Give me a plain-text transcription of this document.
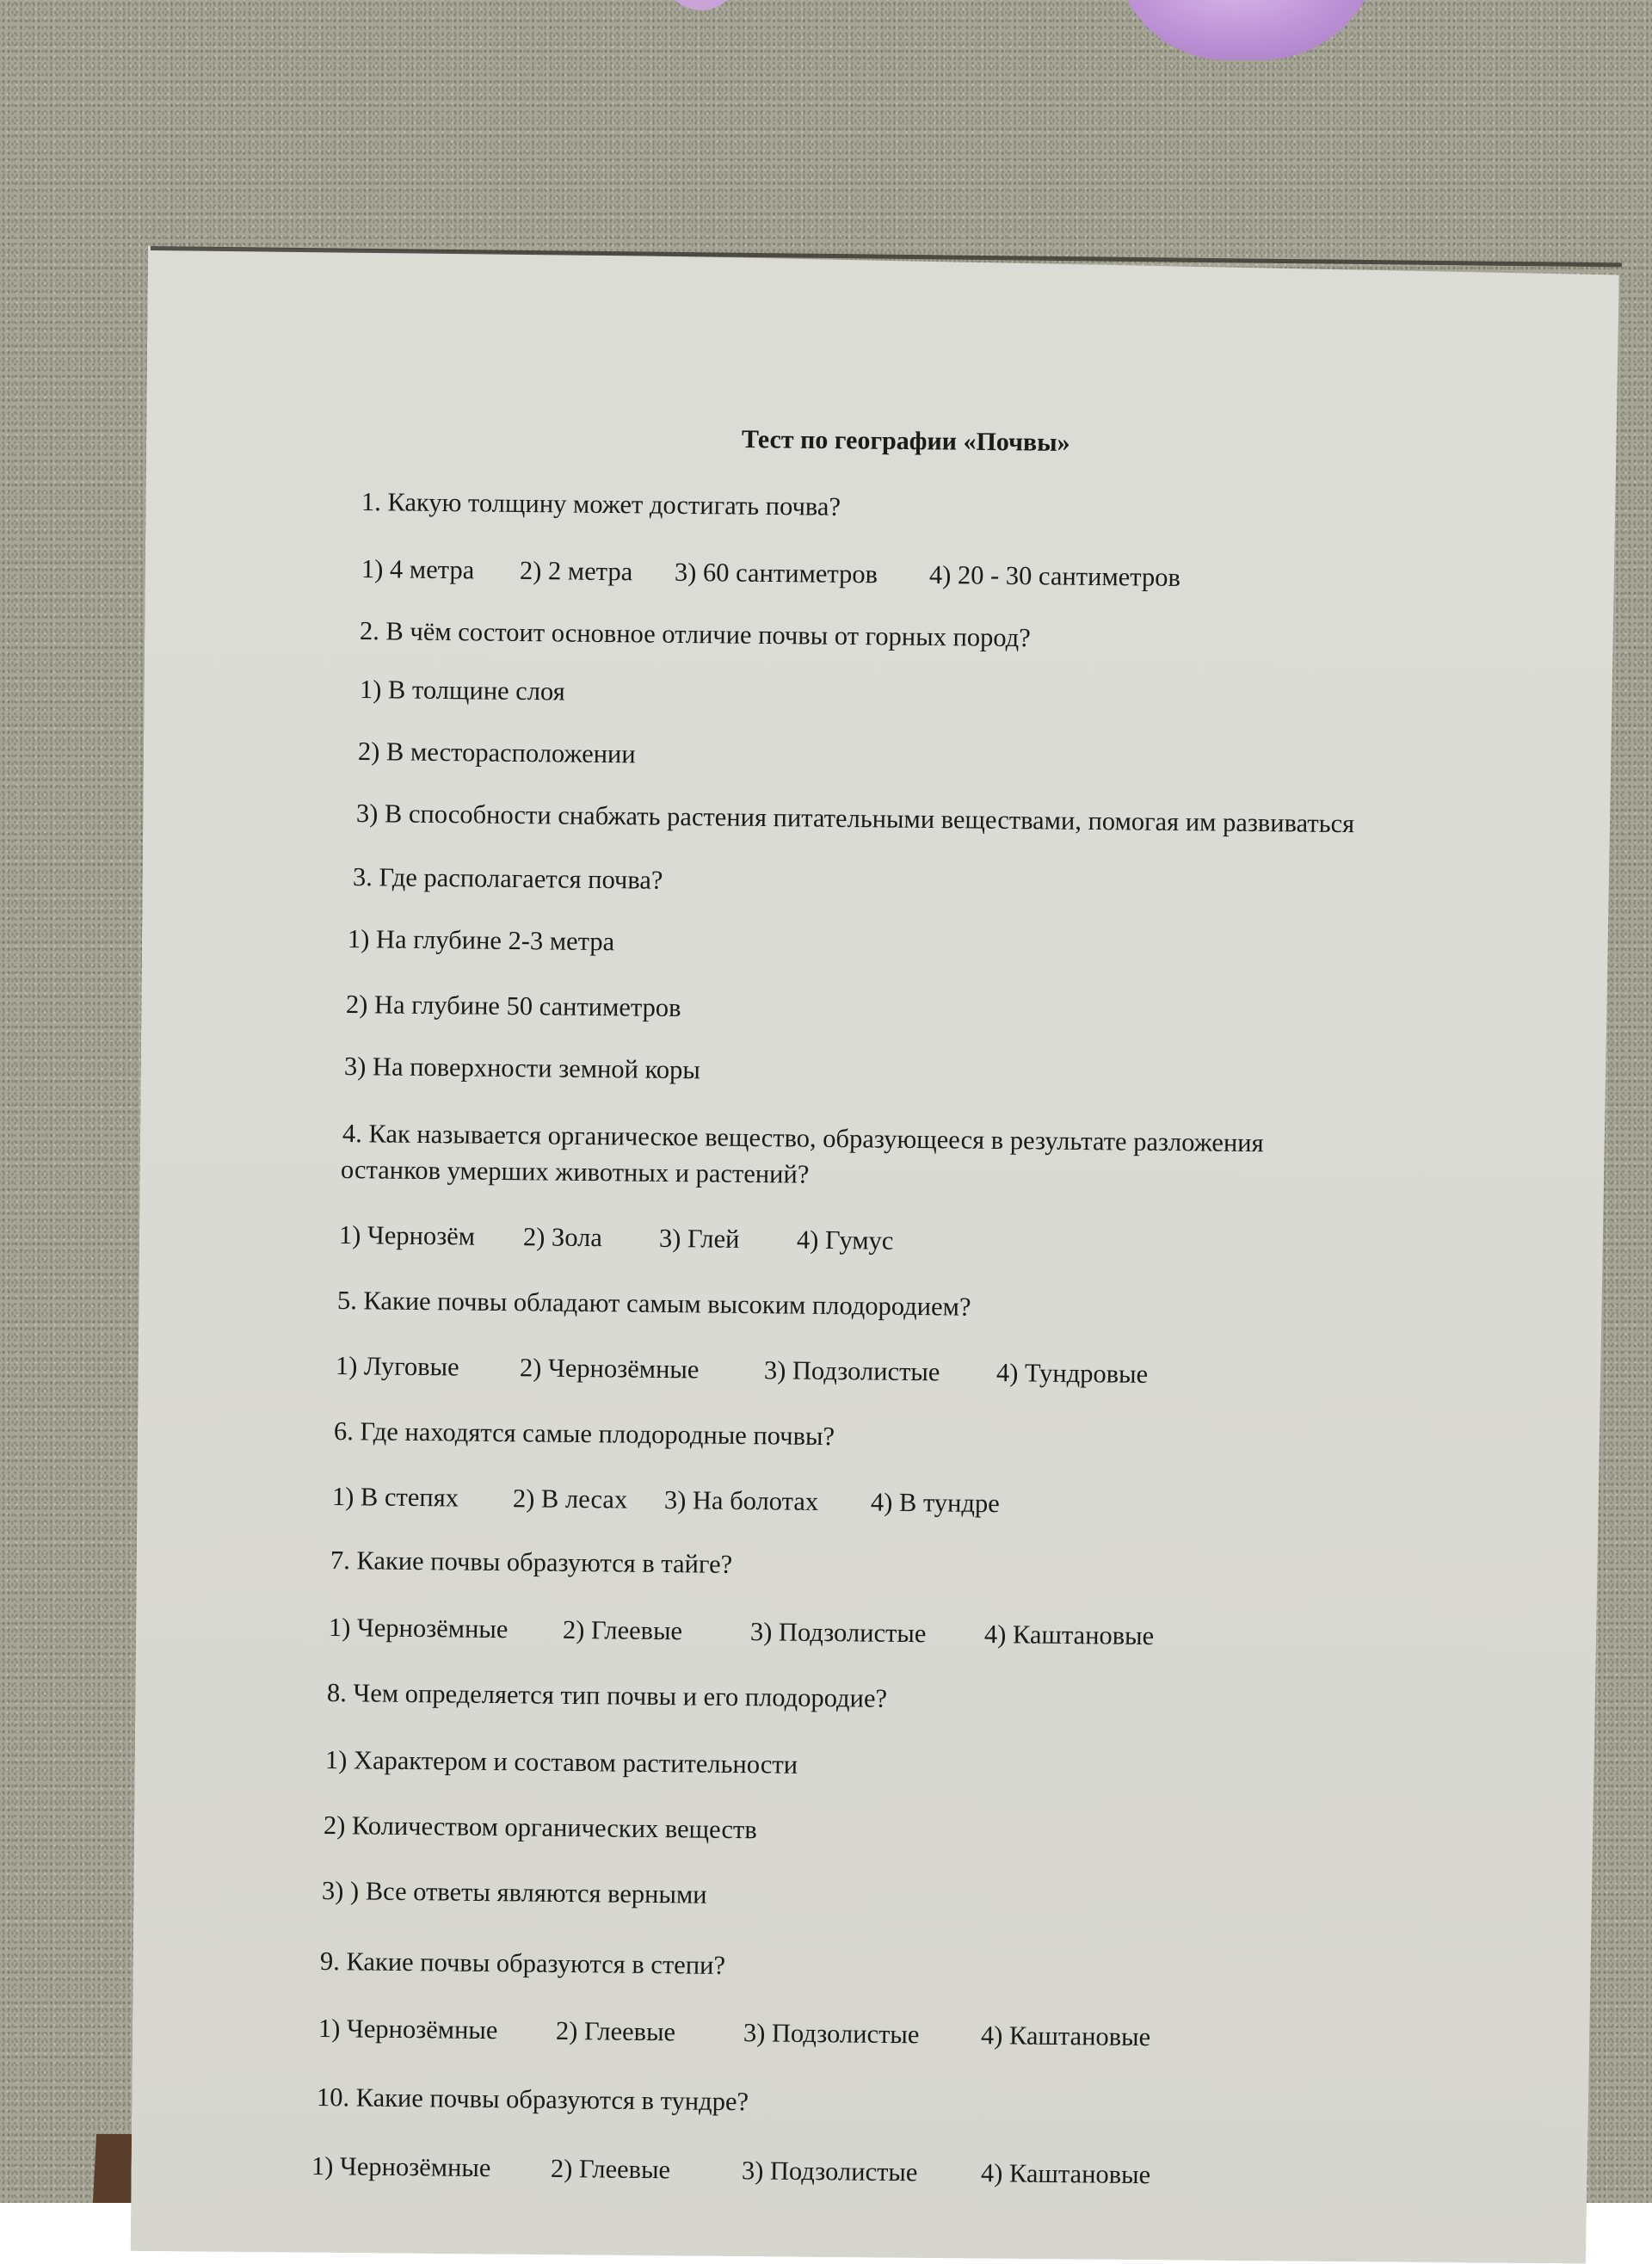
Тест по географии «Почвы»
1. Какую толщину может достигать почва?
1) 4 метра 2) 2 метра 3) 60 сантиметров 4) 20 - 30 сантиметров
2. В чём состоит основное отличие почвы от горных пород?
1) В толщине слоя
2) В месторасположении
3) В способности снабжать растения питательными веществами, помогая им развиваться
3. Где располагается почва?
1) На глубине 2-3 метра
2) На глубине 50 сантиметров
3) На поверхности земной коры
4. Как называется органическое вещество, образующееся в результате разложения
останков умерших животных и растений?
1) Чернозём 2) Зола 3) Глей 4) Гумус
5. Какие почвы обладают самым высоким плодородием?
1) Луговые 2) Чернозёмные 3) Подзолистые 4) Тундровые
6. Где находятся самые плодородные почвы?
1) В степях 2) В лесах 3) На болотах 4) В тундре
7. Какие почвы образуются в тайге?
1) Чернозёмные 2) Глеевые	3) Подзолистые 4) Каштановые
8. Чем определяется тип почвы и его плодородие?
1) Характером и составом растительности
2) Количеством органических веществ
3) ) Все ответы являются верными
9. Какие почвы образуются в степи?
1) Чернозёмные 2) Глеевые	3) Подзолистые 4) Каштановые
10. Какие почвы образуются в тундре?
1) Чернозёмные 2) Глеевые	3) Подзолистые 4) Каштановые
